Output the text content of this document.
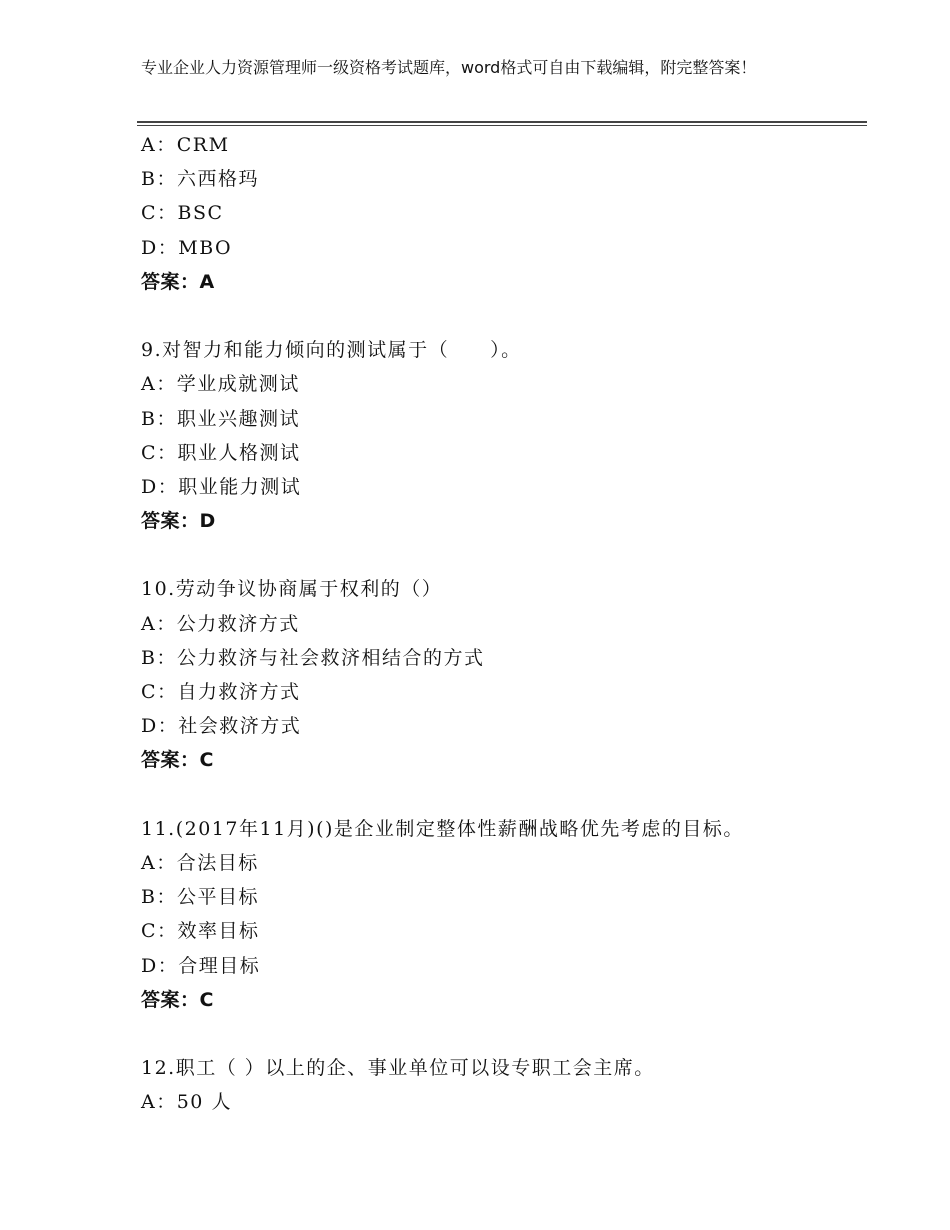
专业企业人力资源管理师一级资格考试题库，word格式可自由下载编辑，附完整答案！
A：CRM
B：六西格玛
C：BSC
D：MBO
答案：A
9.对智力和能力倾向的测试属于（　　）。
A：学业成就测试
B：职业兴趣测试
C：职业人格测试
D：职业能力测试
答案：D
10.劳动争议协商属于权利的（）
A：公力救济方式
B：公力救济与社会救济相结合的方式
C：自力救济方式
D：社会救济方式
答案：C
11.(2017年11月)()是企业制定整体性薪酬战略优先考虑的目标。
A：合法目标
B：公平目标
C：效率目标
D：合理目标
答案：C
12.职工（ ）以上的企、事业单位可以设专职工会主席。
A：50 人
